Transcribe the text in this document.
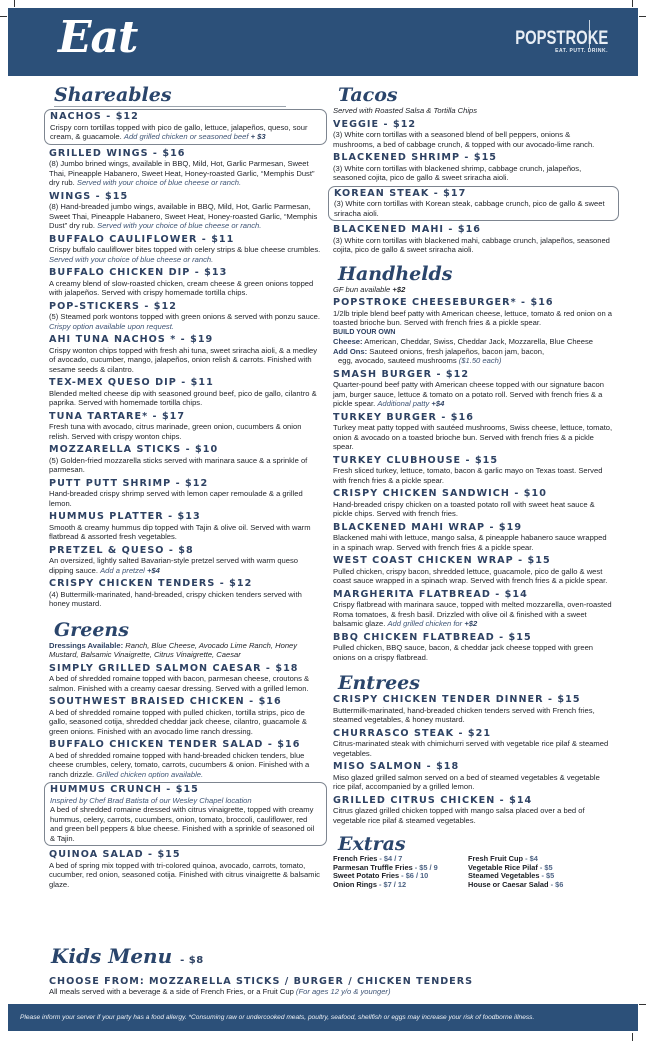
Eat	POPSTROKE
EAT. PUTT. DRINK.
Shareables
NACHOS - $12
Crispy corn tortillas topped with pico de gallo, lettuce, jalapeños, queso, sour cream, & guacamole. Add grilled chicken or seasoned beef + $3
GRILLED WINGS - $16
(8) Jumbo brined wings, available in BBQ, Mild, Hot, Garlic Parmesan, Sweet Thai, Pineapple Habanero, Sweet Heat, Honey-roasted Garlic, “Memphis Dust” dry rub. Served with your choice of blue cheese or ranch.
WINGS - $15
(8) Hand-breaded jumbo wings, available in BBQ, Mild, Hot, Garlic Parmesan, Sweet Thai, Pineapple Habanero, Sweet Heat, Honey-roasted Garlic, “Memphis Dust” dry rub. Served with your choice of blue cheese or ranch.
BUFFALO CAULIFLOWER - $11
Crispy buffalo cauliflower bites topped with celery strips & blue cheese crumbles. Served with your choice of blue cheese or ranch.
BUFFALO CHICKEN DIP - $13
A creamy blend of slow-roasted chicken, cream cheese & green onions topped with jalapeños. Served with crispy homemade tortilla chips.
POP-STICKERS - $12
(5) Steamed pork wontons topped with green onions & served with ponzu sauce. Crispy option available upon request.
AHI TUNA NACHOS * - $19
Crispy wonton chips topped with fresh ahi tuna, sweet sriracha aioli, & a medley of avocado, cucumber, mango, jalapeños, onion relish & carrots. Finished with sesame seeds & cilantro.
TEX-MEX QUESO DIP - $11
Blended melted cheese dip with seasoned ground beef, pico de gallo, cilantro & paprika. Served with homemade tortilla chips.
TUNA TARTARE* - $17
Fresh tuna with avocado, citrus marinade, green onion, cucumbers & onion relish. Served with crispy wonton chips.
MOZZARELLA STICKS - $10
(5) Golden-fried mozzarella sticks served with marinara sauce & a sprinkle of parmesan.
PUTT PUTT SHRIMP - $12
Hand-breaded crispy shrimp served with lemon caper remoulade & a grilled lemon.
HUMMUS PLATTER - $13
Smooth & creamy hummus dip topped with Tajin & olive oil. Served with warm flatbread & assorted fresh vegetables.
PRETZEL & QUESO - $8
An oversized, lightly salted Bavarian-style pretzel served with warm queso dipping sauce. Add a pretzel +$4
CRISPY CHICKEN TENDERS - $12
(4) Buttermilk-marinated, hand-breaded, crispy chicken tenders served with honey mustard.
Greens
Dressings Available: Ranch, Blue Cheese, Avocado Lime Ranch, Honey Mustard, Balsamic Vinaigrette, Citrus Vinaigrette, Caesar
SIMPLY GRILLED SALMON CAESAR - $18
A bed of shredded romaine topped with bacon, parmesan cheese, croutons & salmon. Finished with a creamy caesar dressing. Served with a grilled lemon.
SOUTHWEST BRAISED CHICKEN - $16
A bed of shredded romaine topped with pulled chicken, tortilla strips, pico de gallo, seasoned cotija, shredded cheddar jack cheese, cilantro, guacamole & green onions. Finished with an avocado lime ranch dressing.
BUFFALO CHICKEN TENDER SALAD - $16
A bed of shredded romaine topped with hand-breaded chicken tenders, blue cheese crumbles, celery, tomato, carrots, cucumbers & onion. Finished with a ranch drizzle. Grilled chicken option available.
HUMMUS CRUNCH - $15
Inspired by Chef Brad Batista of our Wesley Chapel location
A bed of shredded romaine dressed with citrus vinaigrette, topped with creamy hummus, celery, carrots, cucumbers, onion, tomato, broccoli, cauliflower, red and green bell peppers & blue cheese. Finished with a sprinkle of seasoned oil & Tajin.
QUINOA SALAD - $15
A bed of spring mix topped with tri-colored quinoa, avocado, carrots, tomato, cucumber, red onion, seasoned cotija. Finished with citrus vinaigrette & balsamic glaze.
Tacos
Served with Roasted Salsa & Tortilla Chips
VEGGIE - $12
(3) White corn tortillas with a seasoned blend of bell peppers, onions & mushrooms, a bed of cabbage crunch, & topped with our avocado-lime ranch.
BLACKENED SHRIMP - $15
(3) White corn tortillas with blackened shrimp, cabbage crunch, jalapeños, seasoned cojita, pico de gallo & sweet sriracha aioli.
KOREAN STEAK - $17
(3) White corn tortillas with Korean steak, cabbage crunch, pico de gallo & sweet sriracha aioli.
BLACKENED MAHI - $16
(3) White corn tortillas with blackened mahi, cabbage crunch, jalapeños, seasoned cojita, pico de gallo & sweet sriracha aioli.
Handhelds
GF bun available +$2
POPSTROKE CHEESEBURGER* - $16
1/2lb triple blend beef patty with American cheese, lettuce, tomato & red onion on a toasted brioche bun. Served with french fries & a pickle spear.
BUILD YOUR OWN
Cheese: American, Cheddar, Swiss, Cheddar Jack, Mozzarella, Blue Cheese
Add Ons: Sauteed onions, fresh jalapeños, bacon jam, bacon,
egg, avocado, sauteed mushrooms ($1.50 each)
SMASH BURGER - $12
Quarter-pound beef patty with American cheese topped with our signature bacon jam, burger sauce, lettuce & tomato on a potato roll. Served with french fries & a pickle spear. Additional patty +$4
TURKEY BURGER - $16
Turkey meat patty topped with sautéed mushrooms, Swiss cheese, lettuce, tomato, onion & avocado on a toasted brioche bun. Served with french fries & a pickle spear.
TURKEY CLUBHOUSE - $15
Fresh sliced turkey, lettuce, tomato, bacon & garlic mayo on Texas toast. Served with french fries & a pickle spear.
CRISPY CHICKEN SANDWICH - $10
Hand-breaded crispy chicken on a toasted potato roll with sweet heat sauce & pickle chips. Served with french fries.
BLACKENED MAHI WRAP - $19
Blackened mahi with lettuce, mango salsa, & pineapple habanero sauce wrapped in a spinach wrap. Served with french fries & a pickle spear.
WEST COAST CHICKEN WRAP - $15
Pulled chicken, crispy bacon, shredded lettuce, guacamole, pico de gallo & west coast sauce wrapped in a spinach wrap. Served with french fries & a pickle spear.
MARGHERITA FLATBREAD - $14
Crispy flatbread with marinara sauce, topped with melted mozzarella, oven-roasted Roma tomatoes, & fresh basil. Drizzled with olive oil & finished with a sweet balsamic glaze. Add grilled chicken for +$2
BBQ CHICKEN FLATBREAD - $15
Pulled chicken, BBQ sauce, bacon, & cheddar jack cheese topped with green onions on a crispy flatbread.
Entrees
CRISPY CHICKEN TENDER DINNER - $15
Buttermilk-marinated, hand-breaded chicken tenders served with French fries, steamed vegetables, & honey mustard.
CHURRASCO STEAK - $21
Citrus-marinated steak with chimichurri served with vegetable rice pilaf & steamed vegetables.
MISO SALMON - $18
Miso glazed grilled salmon served on a bed of steamed vegetables & vegetable rice pilaf, accompanied by a grilled lemon.
GRILLED CITRUS CHICKEN - $14
Citrus glazed grilled chicken topped with mango salsa placed over a bed of vegetable rice pilaf & steamed vegetables.
Extras
French Fries - $4 / 7	Fresh Fruit Cup - $4
Parmesan Truffle Fries - $5 / 9	Vegetable Rice Pilaf - $5
Sweet Potato Fries - $6 / 10	Steamed Vegetables - $5
Onion Rings - $7 / 12	House or Caesar Salad - $6
Kids Menu - $8
CHOOSE FROM: MOZZARELLA STICKS / BURGER / CHICKEN TENDERS
All meals served with a beverage & a side of French Fries, or a Fruit Cup (For ages 12 y/o & younger)
Please inform your server if your party has a food allergy. *Consuming raw or undercooked meats, poultry, seafood, shellfish or eggs may increase your risk of foodborne illness.
